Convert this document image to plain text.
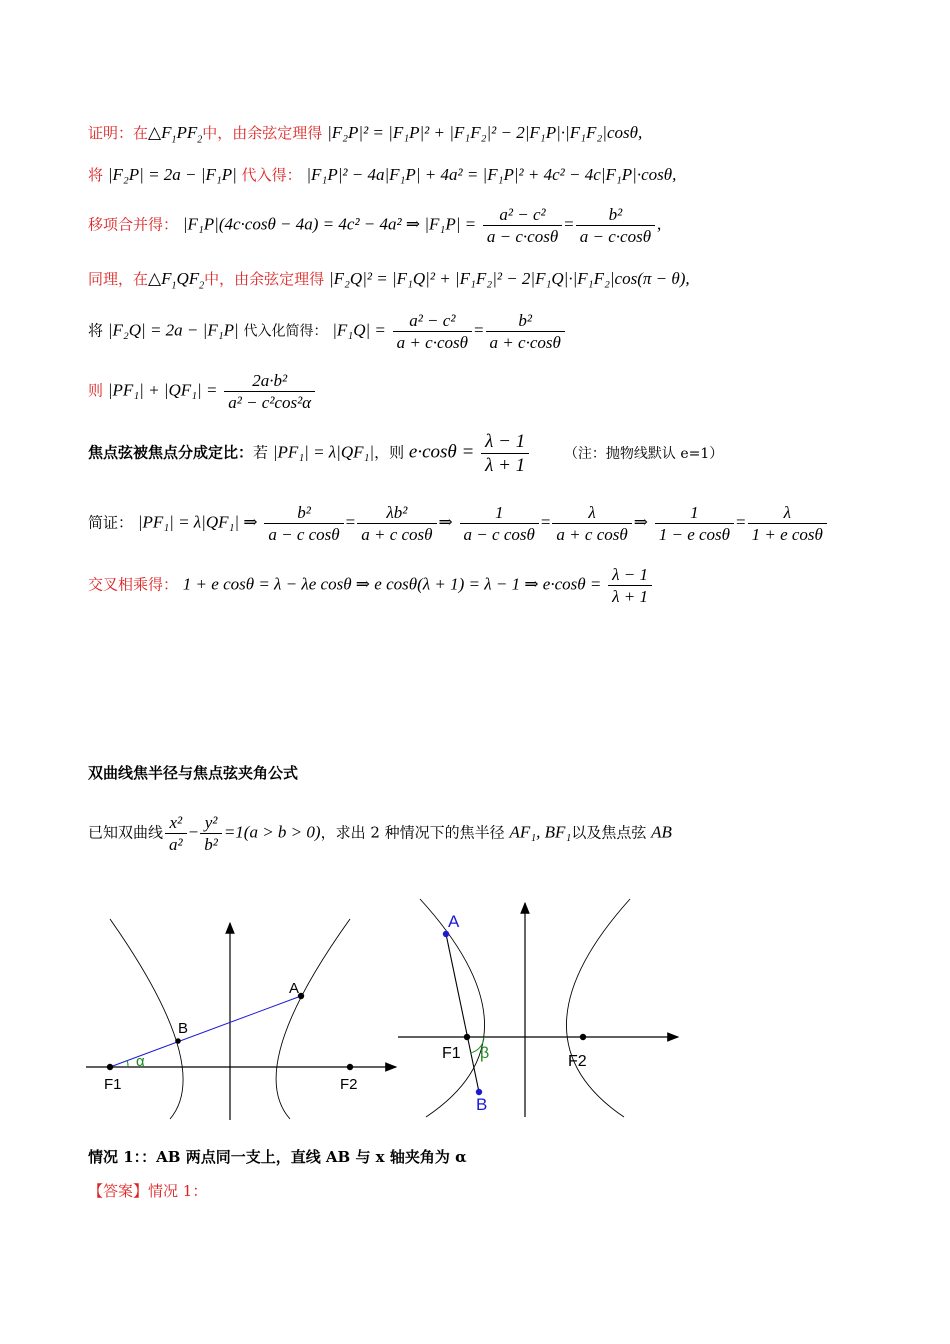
证明：在$\triangle F_1PF_2$中，由余弦定理得 |F₂P|² = |F₁P|² + |F₁F₂|² − 2|F₁P|·|F₁F₂|cosθ,
将 |F₂P| = 2a − |F₁P| 代入得： |F₁P|² − 4a|F₁P| + 4a² = |F₁P|² + 4c² − 4c|F₁P|·cosθ,
移项合并得： |F₁P|(4c·cosθ − 4a) = 4c² − 4a² ⇒ $|F_1P| = \frac{\text{a² − c²}}{a - c\cdot\cos\theta} = \frac{\text{b²}}{a - c\cdot\cos\theta}$ ,
同理，在$\triangle F_1QF_2$中，由余弦定理得 |F₂Q|² = |F₁Q|² + |F₁F₂|² − 2|F₁Q|·|F₁F₂|cos(π − θ),
将 |F₂Q| = 2a − |F₁P| 代入化简得： $|F_1Q| = \frac{\text{a² − c²}}{a + c\cdot\cos\theta} = \frac{\text{b²}}{a + c\cdot\cos\theta}$
则 $|PF_1| + |QF_1| = \frac{\text{2a·b²}}{\text{a² − c²cos²α}}$
焦点弦被焦点分成定比：若 |PF₁| = λ|QF₁|，则 $e\cdot\cos\theta = \frac{\lambda - 1}{\lambda + 1}$ （注：抛物线默认 e=1）
简证： |PF₁| = λ|QF₁| ⇒ $\frac{\text{b²}}{\text{a − c cosθ}} = \frac{\text{λb²}}{\text{a + c cosθ}}$ ⇒ $\frac{1}{\text{a − c cosθ}} = \frac{\lambda}{\text{a + c cosθ}}$ ⇒ $\frac{1}{\text{1 − e cosθ}} = \frac{\lambda}{\text{1 + e cosθ}}$
交叉相乘得： 1 + e cosθ = λ − λe cosθ ⇒ e cosθ(λ + 1) = λ − 1 ⇒ $e\cdot\cos\theta = \frac{\lambda - 1}{\lambda + 1}$
双曲线焦半径与焦点弦夹角公式
已知双曲线 $\frac{\text{x²}}{\text{a²}} - \frac{\text{y²}}{\text{b²}} =1(a > b > 0)$，求出 2 种情况下的焦半径 AF₁, BF₁以及焦点弦 AB
F1
B
A
F2
α
A
F1 β
B
F2
情况 1：：AB 两点同一支上，直线 AB 与 x 轴夹角为 α
【答案】情况 1：
